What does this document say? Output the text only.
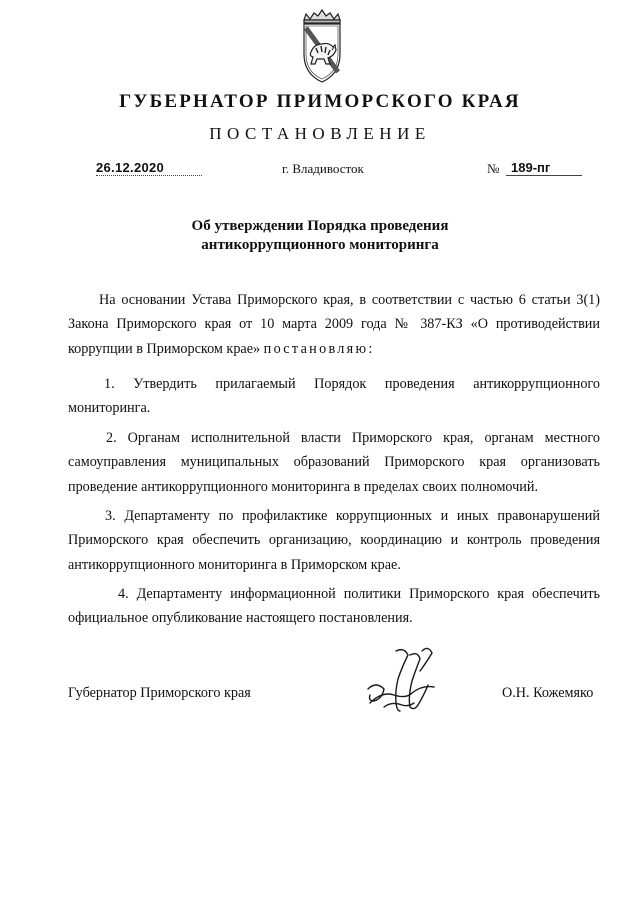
ГУБЕРНАТОР ПРИМОРСКОГО КРАЯ
ПОСТАНОВЛЕНИЕ
26.12.2020	г. Владивосток	№ 189-пг
Об утверждении Порядка проведения
антикоррупционного мониторинга
На основании Устава Приморского края, в соответствии с частью 6 статьи 3(1) Закона Приморского края от 10 марта 2009 года № 387-КЗ «О противодействии коррупции в Приморском крае» постановляю:
1. Утвердить прилагаемый Порядок проведения антикоррупционного мониторинга.
2. Органам исполнительной власти Приморского края, органам местного самоуправления муниципальных образований Приморского края организовать проведение антикоррупционного мониторинга в пределах своих полномочий.
3. Департаменту по профилактике коррупционных и иных правонарушений Приморского края обеспечить организацию, координацию и контроль проведения антикоррупционного мониторинга в Приморском крае.
4. Департаменту информационной политики Приморского края обеспечить официальное опубликование настоящего постановления.
Губернатор Приморского края	О.Н. Кожемяко
